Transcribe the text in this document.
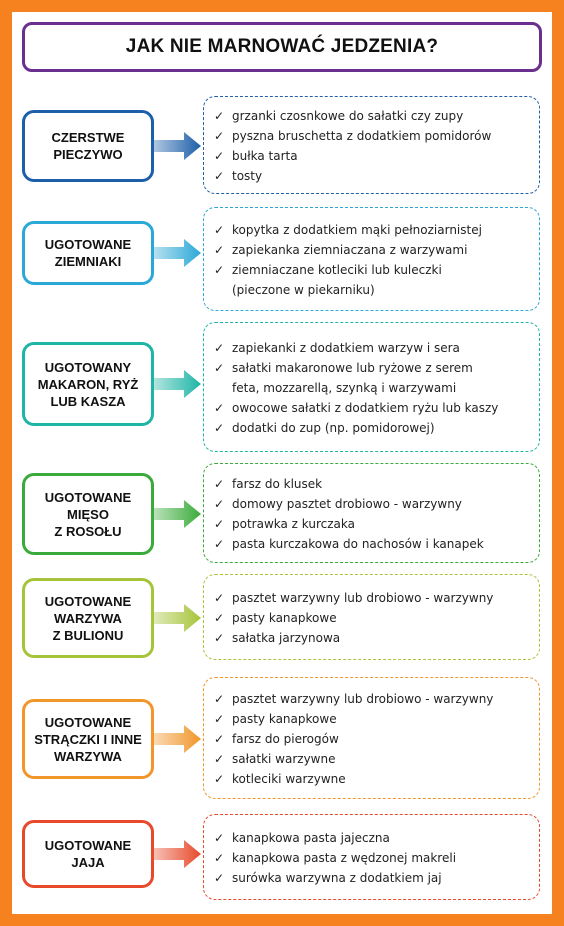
JAK NIE MARNOWAĆ JEDZENIA?
CZERSTWE
PIECZYWO
✓ grzanki czosnkowe do sałatki czy zupy
✓ pyszna bruschetta z dodatkiem pomidorów
✓ bułka tarta
✓ tosty
UGOTOWANE
ZIEMNIAKI
✓ kopytka z dodatkiem mąki pełnoziarnistej
✓ zapiekanka ziemniaczana z warzywami
✓ ziemniaczane kotleciki lub kuleczki
(pieczone w piekarniku)
UGOTOWANY
MAKARON, RYŻ
LUB KASZA
✓ zapiekanki z dodatkiem warzyw i sera
✓ sałatki makaronowe lub ryżowe z serem
feta, mozzarellą, szynką i warzywami
✓ owocowe sałatki z dodatkiem ryżu lub kaszy
✓ dodatki do zup (np. pomidorowej)
UGOTOWANE
MIĘSO
Z ROSOŁU
✓ farsz do klusek
✓ domowy pasztet drobiowo - warzywny
✓ potrawka z kurczaka
✓ pasta kurczakowa do nachosów i kanapek
UGOTOWANE
WARZYWA
Z BULIONU
✓ pasztet warzywny lub drobiowo - warzywny
✓ pasty kanapkowe
✓ sałatka jarzynowa
UGOTOWANE
STRĄCZKI I INNE
WARZYWA
✓ pasztet warzywny lub drobiowo - warzywny
✓ pasty kanapkowe
✓ farsz do pierogów
✓ sałatki warzywne
✓ kotleciki warzywne
UGOTOWANE
JAJA
✓ kanapkowa pasta jajeczna
✓ kanapkowa pasta z wędzonej makreli
✓ surówka warzywna z dodatkiem jaj
